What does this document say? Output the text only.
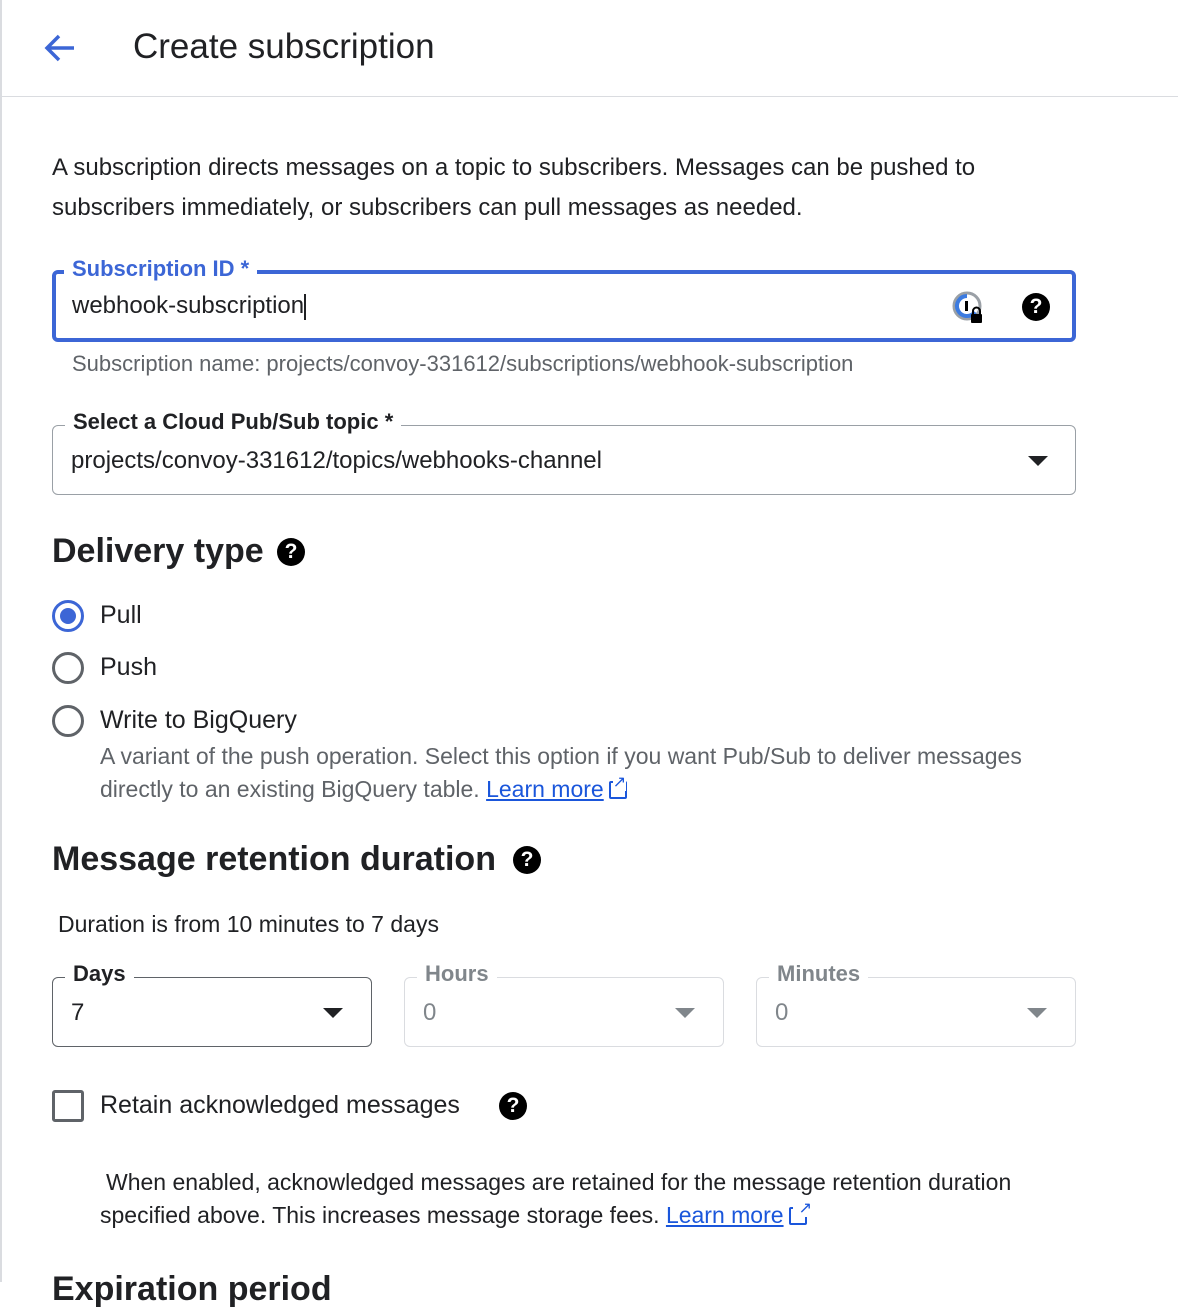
Create subscription
A subscription directs messages on a topic to subscribers. Messages can be pushed to subscribers immediately, or subscribers can pull messages as needed.
Subscription ID *
webhook-subscription	?
Subscription name: projects/convoy-331612/subscriptions/webhook-subscription
Select a Cloud Pub/Sub topic *
projects/convoy-331612/topics/webhooks-channel
Delivery type ?
Pull
Push
Write to BigQuery
A variant of the push operation. Select this option if you want Pub/Sub to deliver messages directly to an existing BigQuery table. Learn more↗
Message retention duration	?
Duration is from 10 minutes to 7 days
Days
7
Hours
0
Minutes
0
Retain acknowledged messages	?
When enabled, acknowledged messages are retained for the message retention duration specified above. This increases message storage fees. Learn more↗
Expiration period
